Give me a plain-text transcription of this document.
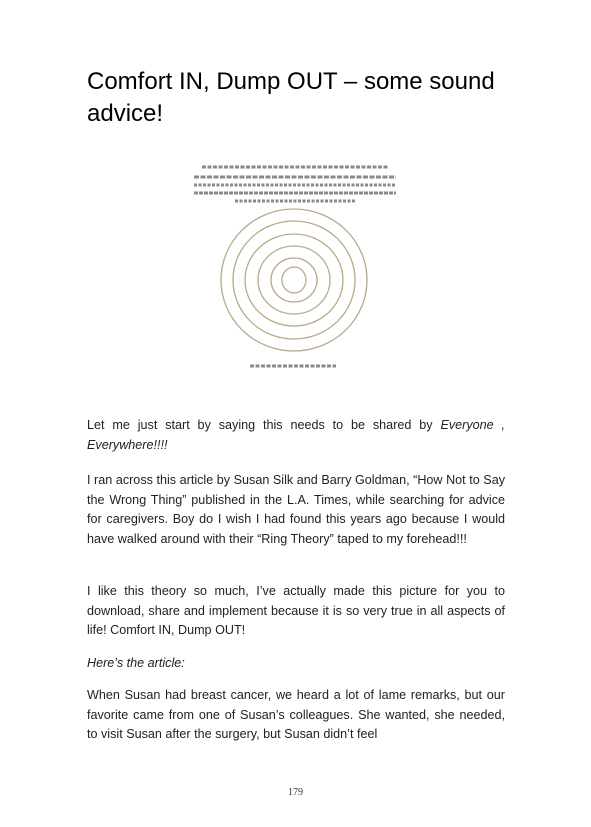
Comfort IN, Dump OUT – some sound advice!

Let me just start by saying this needs to be shared by Everyone , Everywhere!!!!

I ran across this article by Susan Silk and Barry Goldman, “How Not to Say the Wrong Thing” published in the L.A. Times, while searching for advice for caregivers. Boy do I wish I had found this years ago because I would have walked around with their “Ring Theory” taped to my forehead!!!

I like this theory so much, I’ve actually made this picture for you to download, share and implement because it is so very true in all aspects of life! Comfort IN, Dump OUT!

Here’s the article:

When Susan had breast cancer, we heard a lot of lame remarks, but our favorite came from one of Susan’s colleagues. She wanted, she needed, to visit Susan after the surgery, but Susan didn’t feel

179
